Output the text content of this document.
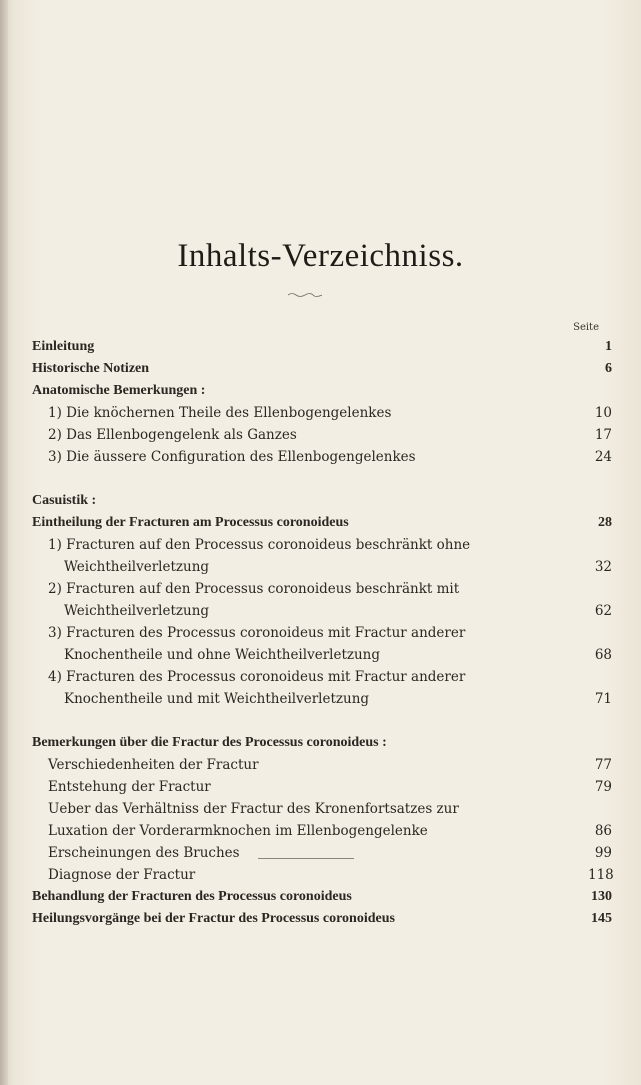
Inhalts-Verzeichniss.
Seite
Einleitung	1
Historische Notizen	6
Anatomische Bemerkungen :
1) Die knöchernen Theile des Ellenbogengelenkes	10
2) Das Ellenbogengelenk als Ganzes	17
3) Die äussere Configuration des Ellenbogengelenkes	24
Casuistik :
Eintheilung der Fracturen am Processus coronoideus	28
1) Fracturen auf den Processus coronoideus beschränkt ohne
Weichtheilverletzung	32
2) Fracturen auf den Processus coronoideus beschränkt mit
Weichtheilverletzung	62
3) Fracturen des Processus coronoideus mit Fractur anderer
Knochentheile und ohne Weichtheilverletzung	68
4) Fracturen des Processus coronoideus mit Fractur anderer
Knochentheile und mit Weichtheilverletzung	71
Bemerkungen über die Fractur des Processus coronoideus :
Verschiedenheiten der Fractur	77
Entstehung der Fractur	79
Ueber das Verhältniss der Fractur des Kronenfortsatzes zur
Luxation der Vorderarmknochen im Ellenbogengelenke	86
Erscheinungen des Bruches	99
Diagnose der Fractur	118
Behandlung der Fracturen des Processus coronoideus	130
Heilungsvorgänge bei der Fractur des Processus coronoideus	145
